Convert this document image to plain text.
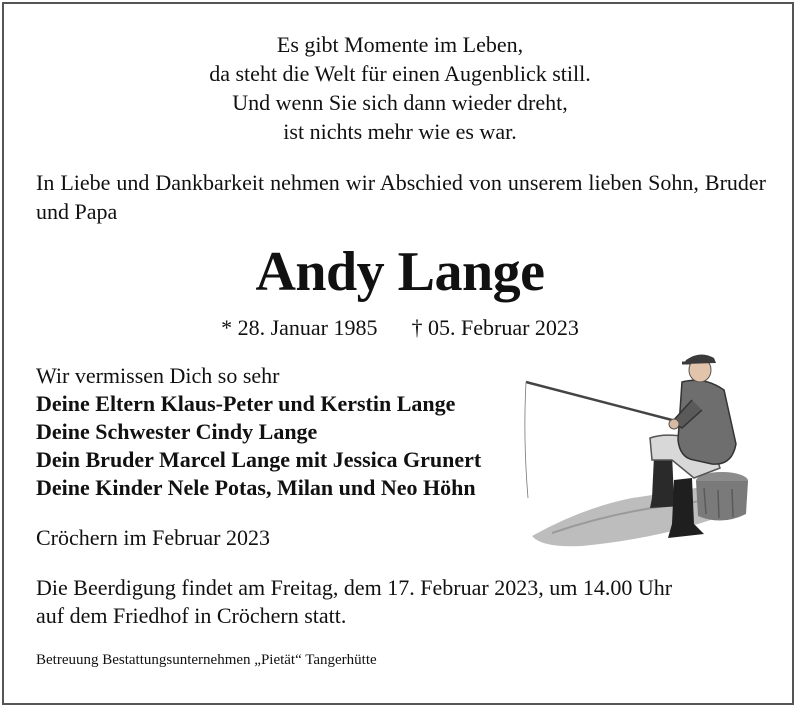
Es gibt Momente im Leben,
da steht die Welt für einen Augenblick still.
Und wenn Sie sich dann wieder dreht,
ist nichts mehr wie es war.
In Liebe und Dankbarkeit nehmen wir Abschied von unserem lieben Sohn, Bruder und Papa
Andy Lange
* 28. Januar 1985 † 05. Februar 2023
Wir vermissen Dich so sehr
Deine Eltern Klaus-Peter und Kerstin Lange
Deine Schwester Cindy Lange
Dein Bruder Marcel Lange mit Jessica Grunert
Deine Kinder Nele Potas, Milan und Neo Höhn
Cröchern im Februar 2023
Die Beerdigung findet am Freitag, dem 17. Februar 2023, um 14.00 Uhr
auf dem Friedhof in Cröchern statt.
Betreuung Bestattungsunternehmen „Pietät“ Tangerhütte
